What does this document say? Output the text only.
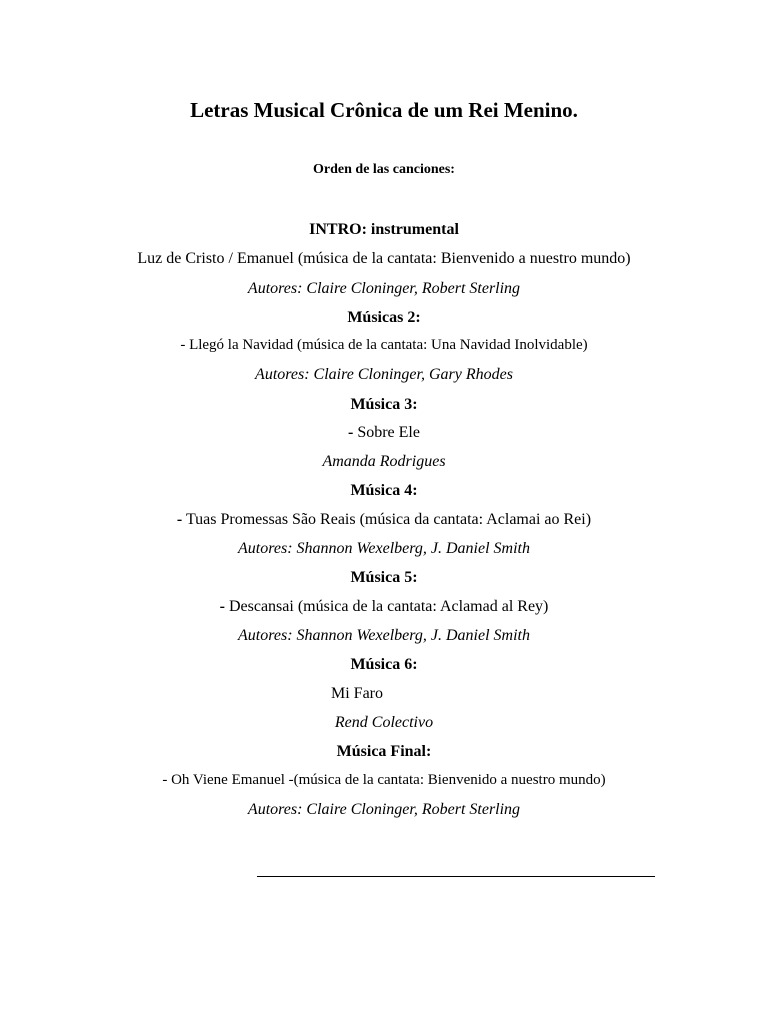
Letras Musical Crônica de um Rei Menino.
Orden de las canciones:
INTRO: instrumental
Luz de Cristo / Emanuel (música de la cantata: Bienvenido a nuestro mundo)
Autores: Claire Cloninger, Robert Sterling
Músicas 2:
- Llegó la Navidad (música de la cantata: Una Navidad Inolvidable)
Autores: Claire Cloninger, Gary Rhodes
Música 3:
- Sobre Ele
Amanda Rodrigues
Música 4:
- Tuas Promessas São Reais (música da cantata: Aclamai ao Rei)
Autores: Shannon Wexelberg, J. Daniel Smith
Música 5:
- Descansai (música de la cantata: Aclamad al Rey)
Autores: Shannon Wexelberg, J. Daniel Smith
Música 6:
Mi Faro
Rend Colectivo
Música Final:
- Oh Viene Emanuel -(música de la cantata: Bienvenido a nuestro mundo)
Autores: Claire Cloninger, Robert Sterling
